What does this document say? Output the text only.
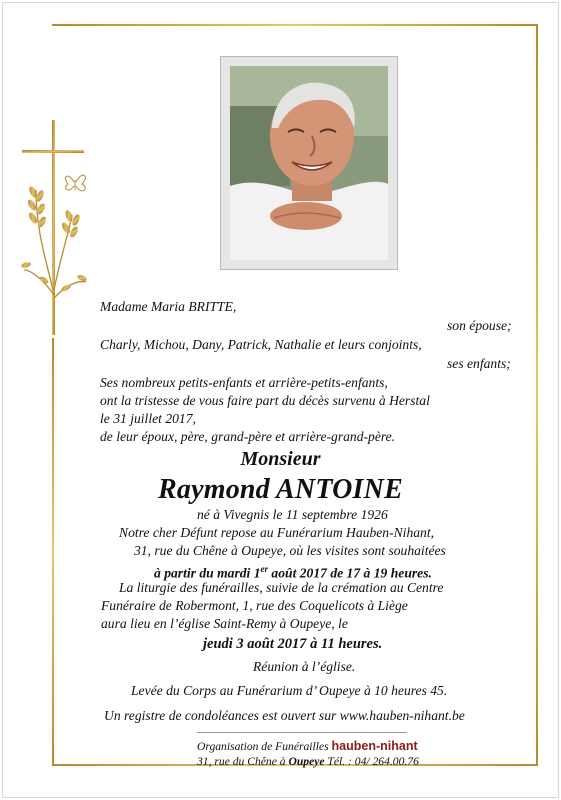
Madame Maria BRITTE,
son épouse;
Charly, Michou, Dany, Patrick, Nathalie et leurs conjoints,
ses enfants;
Ses nombreux petits-enfants et arrière-petits-enfants,
ont la tristesse de vous faire part du décès survenu à Herstal
le 31 juillet 2017,
de leur époux, père, grand-père et arrière-grand-père.
Monsieur
Raymond ANTOINE
né à Vivegnis le 11 septembre 1926
Notre cher Défunt repose au Funérarium Hauben-Nihant,
31, rue du Chêne à Oupeye, où les visites sont souhaitées
à partir du mardi 1er août 2017 de 17 à 19 heures.
La liturgie des funérailles, suivie de la crémation au Centre
Funéraire de Robermont, 1, rue des Coquelicots à Liège
aura lieu en l’église Saint-Remy à Oupeye, le
jeudi 3 août 2017 à 11 heures.
Réunion à l’église.
Levée du Corps au Funérarium d’ Oupeye à 10 heures 45.
Un registre de condoléances est ouvert sur www.hauben-nihant.be
Organisation de Funérailles hauben-nihant
31, rue du Chêne à Oupeye Tél. : 04/ 264.00.76
